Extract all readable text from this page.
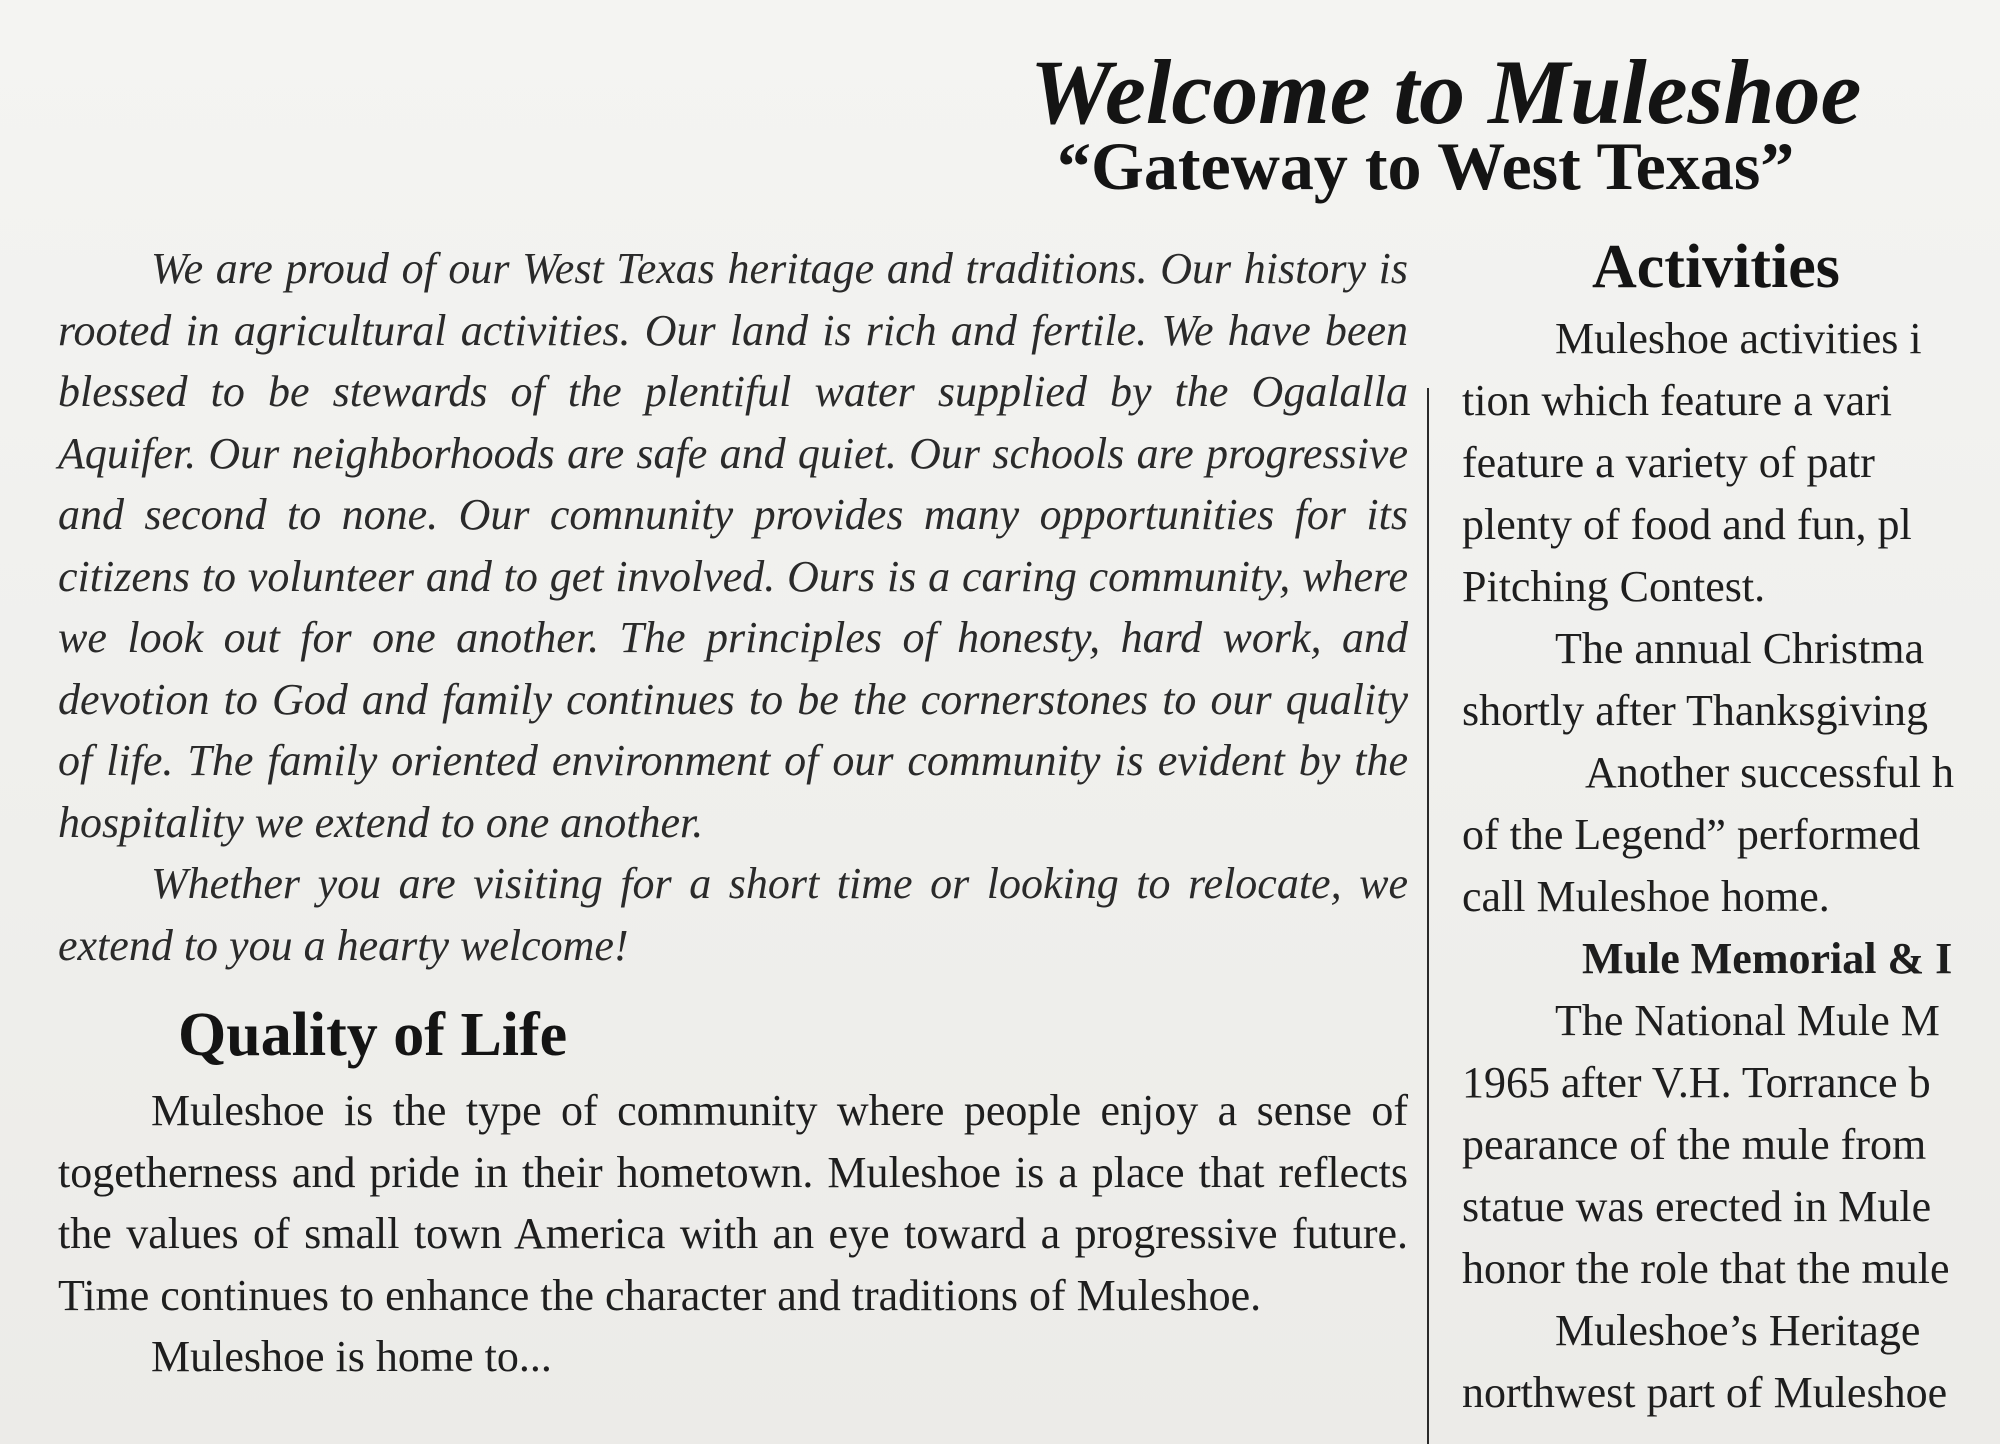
Welcome to Muleshoe
“Gateway to West Texas”

We are proud of our West Texas heritage and traditions. Our history is rooted in agricultural activities. Our land is rich and fertile. We have been blessed to be stewards of the plentiful water supplied by the Ogalalla Aquifer. Our neighborhoods are safe and quiet. Our schools are progressive and second to none. Our comnunity provides many opportunities for its citizens to volunteer and to get involved. Ours is a caring community, where we look out for one another. The principles of honesty, hard work, and devotion to God and family continues to be the cornerstones to our quality of life. The family oriented environment of our community is evident by the hospitality we extend to one another.

Whether you are visiting for a short time or looking to relocate, we extend to you a hearty welcome!

Quality of Life

Muleshoe is the type of community where people enjoy a sense of togetherness and pride in their hometown. Muleshoe is a place that reflects the values of small town America with an eye toward a progressive future. Time continues to enhance the character and traditions of Muleshoe.

Muleshoe is home to...

Activities
Muleshoe activities i
tion which feature a vari
feature a variety of patr
plenty of food and fun, pl
Pitching Contest.
The annual Christma
shortly after Thanksgiving
Another successful h
of the Legend” performed
call Muleshoe home.
Mule Memorial & I
The National Mule M
1965 after V.H. Torrance b
pearance of the mule from
statue was erected in Mule
honor the role that the mule
Muleshoe’s Heritage
northwest part of Muleshoe
